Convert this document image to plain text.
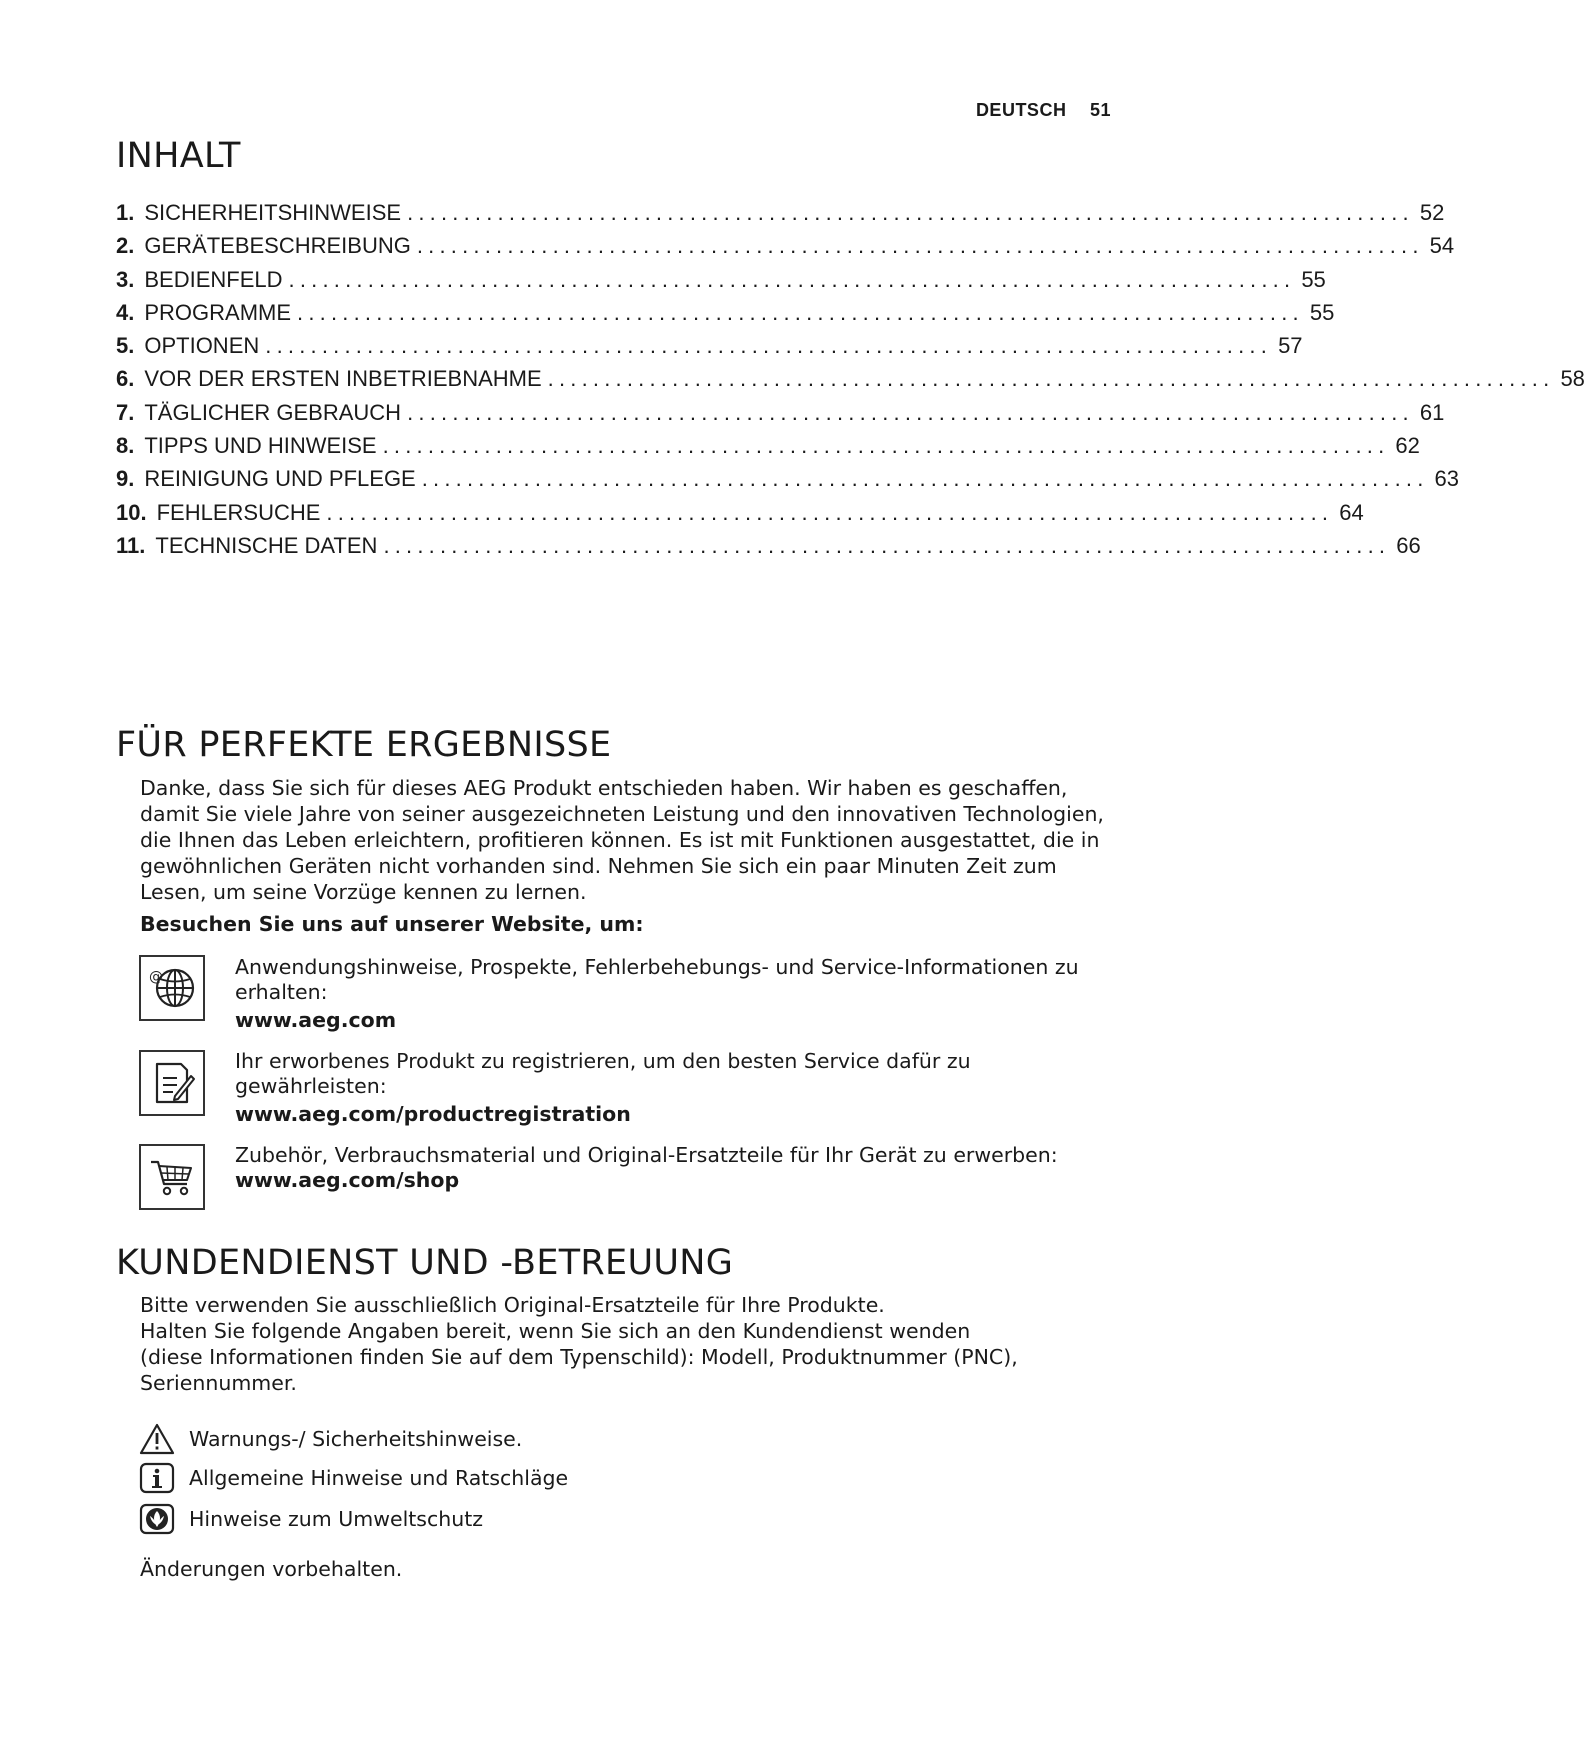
DEUTSCH 51
INHALT
1. SICHERHEITSHINWEISE ......................................................................................... 52
2. GERÄTEBESCHREIBUNG ......................................................................................... 54
3. BEDIENFELD ......................................................................................... 55
4. PROGRAMME ......................................................................................... 55
5. OPTIONEN ......................................................................................... 57
6. VOR DER ERSTEN INBETRIEBNAHME ......................................................................................... 58
7. TÄGLICHER GEBRAUCH ......................................................................................... 61
8. TIPPS UND HINWEISE ......................................................................................... 62
9. REINIGUNG UND PFLEGE ......................................................................................... 63
10. FEHLERSUCHE ......................................................................................... 64
11. TECHNISCHE DATEN ......................................................................................... 66
FÜR PERFEKTE ERGEBNISSE
Danke, dass Sie sich für dieses AEG Produkt entschieden haben. Wir haben es geschaffen,
damit Sie viele Jahre von seiner ausgezeichneten Leistung und den innovativen Technologien,
die Ihnen das Leben erleichtern, profitieren können. Es ist mit Funktionen ausgestattet, die in
gewöhnlichen Geräten nicht vorhanden sind. Nehmen Sie sich ein paar Minuten Zeit zum
Lesen, um seine Vorzüge kennen zu lernen.
Besuchen Sie uns auf unserer Website, um:
@	Anwendungshinweise, Prospekte, Fehlerbehebungs- und Service-Informationen zu
erhalten:
www.aeg.com
Ihr erworbenes Produkt zu registrieren, um den besten Service dafür zu
gewährleisten:
www.aeg.com/productregistration
Zubehör, Verbrauchsmaterial und Original-Ersatzteile für Ihr Gerät zu erwerben:
www.aeg.com/shop
KUNDENDIENST UND -BETREUUNG
Bitte verwenden Sie ausschließlich Original-Ersatzteile für Ihre Produkte.
Halten Sie folgende Angaben bereit, wenn Sie sich an den Kundendienst wenden
(diese Informationen finden Sie auf dem Typenschild): Modell, Produktnummer (PNC),
Seriennummer.
Warnungs-/ Sicherheitshinweise.
Allgemeine Hinweise und Ratschläge
Hinweise zum Umweltschutz
Änderungen vorbehalten.
